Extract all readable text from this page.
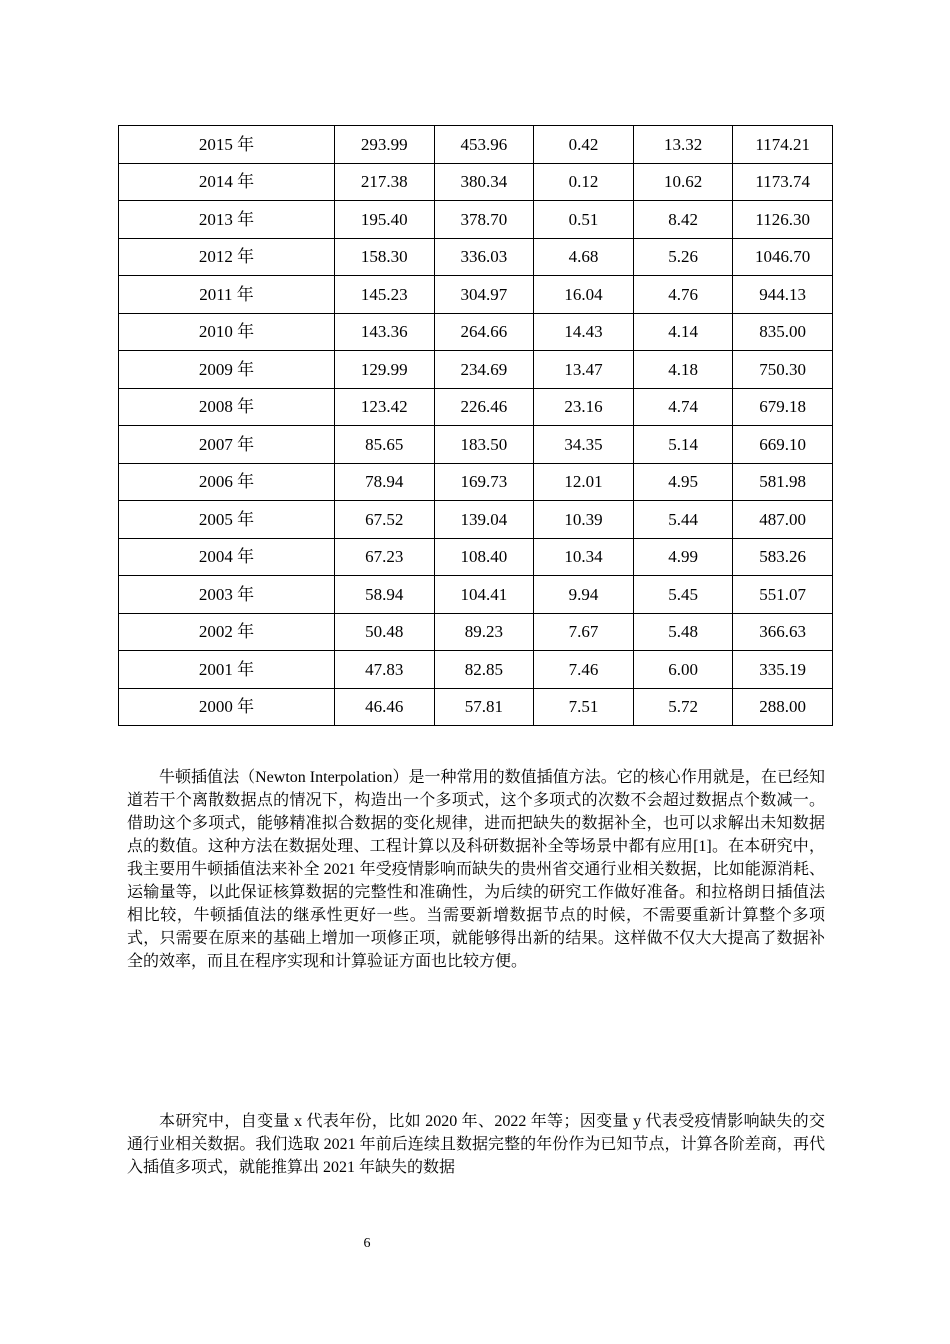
2015 年	293.99	453.96	0.42	13.32	1174.21
2014 年	217.38	380.34	0.12	10.62	1173.74
2013 年	195.40	378.70	0.51	8.42	1126.30
2012 年	158.30	336.03	4.68	5.26	1046.70
2011 年	145.23	304.97	16.04	4.76	944.13
2010 年	143.36	264.66	14.43	4.14	835.00
2009 年	129.99	234.69	13.47	4.18	750.30
2008 年	123.42	226.46	23.16	4.74	679.18
2007 年	85.65	183.50	34.35	5.14	669.10
2006 年	78.94	169.73	12.01	4.95	581.98
2005 年	67.52	139.04	10.39	5.44	487.00
2004 年	67.23	108.40	10.34	4.99	583.26
2003 年	58.94	104.41	9.94	5.45	551.07
2002 年	50.48	89.23	7.67	5.48	366.63
2001 年	47.83	82.85	7.46	6.00	335.19
2000 年	46.46	57.81	7.51	5.72	288.00

牛顿插值法（Newton Interpolation）是一种常用的数值插值方法。它的核心作用就是，在已经知道若干个离散数据点的情况下，构造出一个多项式，这个多项式的次数不会超过数据点个数减一。借助这个多项式，能够精准拟合数据的变化规律，进而把缺失的数据补全，也可以求解出未知数据点的数值。这种方法在数据处理、工程计算以及科研数据补全等场景中都有应用[1]。在本研究中，我主要用牛顿插值法来补全 2021 年受疫情影响而缺失的贵州省交通行业相关数据，比如能源消耗、运输量等，以此保证核算数据的完整性和准确性，为后续的研究工作做好准备。和拉格朗日插值法相比较，牛顿插值法的继承性更好一些。当需要新增数据节点的时候，不需要重新计算整个多项式，只需要在原来的基础上增加一项修正项，就能够得出新的结果。这样做不仅大大提高了数据补全的效率，而且在程序实现和计算验证方面也比较方便。

本研究中，自变量 x 代表年份，比如 2020 年、2022 年等；因变量 y 代表受疫情影响缺失的交通行业相关数据。我们选取 2021 年前后连续且数据完整的年份作为已知节点，计算各阶差商，再代入插值多项式，就能推算出 2021 年缺失的数据

6
